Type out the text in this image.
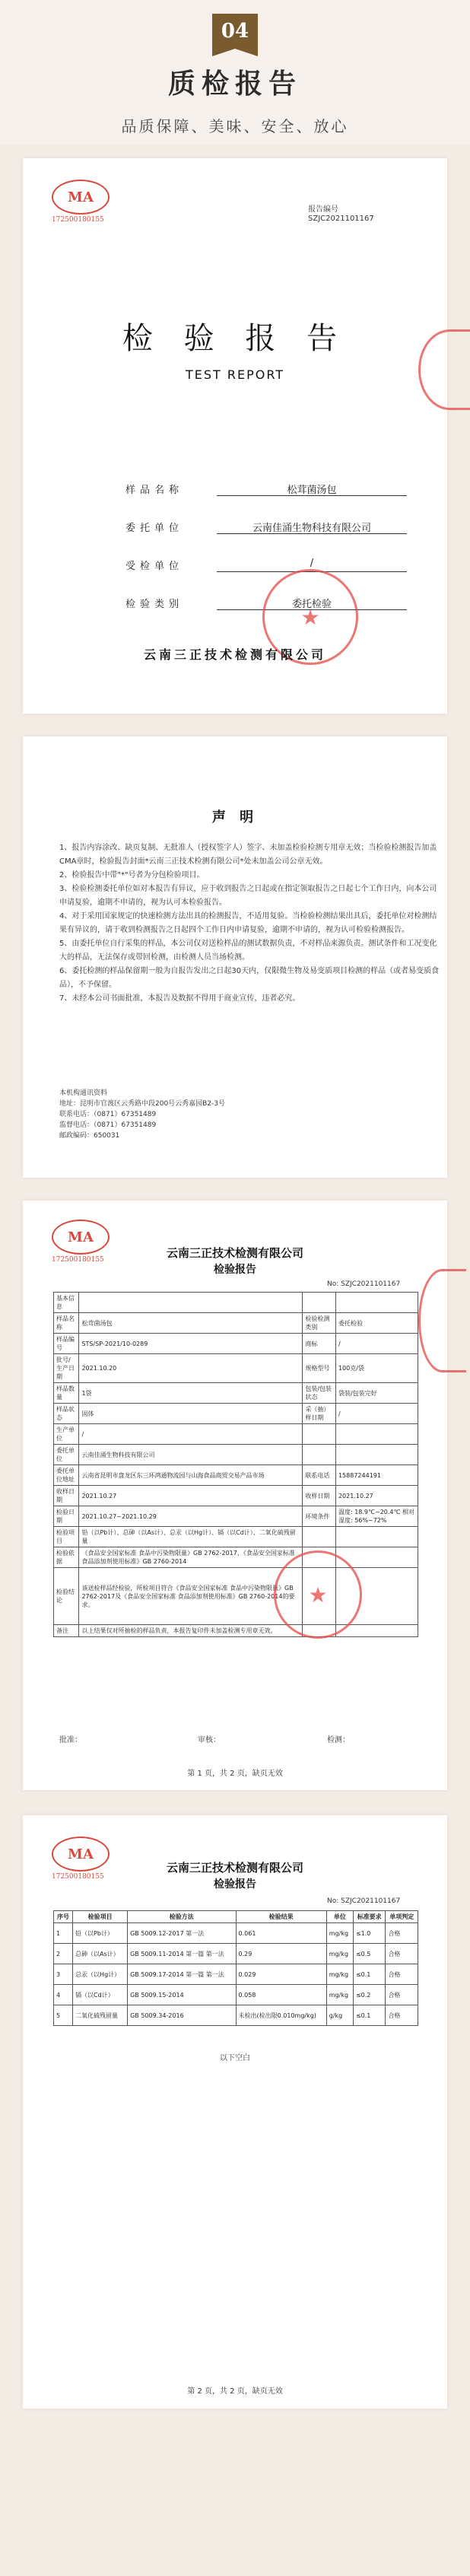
04
质检报告
品质保障、美味、安全、放心
MA
172500180155
报告编号
SZJC2021101167
检 验 报 告
TEST REPORT
样品名称	松茸菌汤包
委托单位	云南佳涌生物科技有限公司
受检单位	/
检验类别	委托检验
★
云南三正技术检测有限公司
声 明
1、报告内容涂改、缺页复制、无批准人（授权签字人）签字、未加盖检验检测专用章无效；当检验检测报告加盖CMA章时，检验报告封面*云南三正技术检测有限公司*处未加盖公司公章无效。
2、检验报告中带"*"号者为分包检验项目。
3、检验检测委托单位如对本报告有异议，应于收到报告之日起或在指定领取报告之日起七个工作日内，向本公司申请复验，逾期不申请的，视为认可本检验报告。
4、对于采用国家规定的快速检测方法出具的检测报告，不适用复验。当检验检测结果出具后，委托单位对检测结果有异议的，请于收到检测报告之日起四个工作日内申请复验，逾期不申请的，视为认可检验检测报告。
5、由委托单位自行采集的样品，本公司仅对送检样品的测试数据负责，不对样品来源负责。测试条件和工况变化大的样品，无法保存或带回检测，由检测人员当场检测。
6、委托检测的样品保留期一般为自报告发出之日起30天内，仅限微生物及易变质项目检测的样品（或者易变质食品），不予保留。
7、未经本公司书面批准，本报告及数据不得用于商业宣传，违者必究。
本机构通讯资料
地址：昆明市官渡区云秀路中段200号云秀嘉园B2-3号
联系电话：（0871）67351489
监督电话：（0871）67351489
邮政编码：650031
MA
172500180155	云南三正技术检测有限公司
检验报告
No: SZJC2021101167
基本信息			
样品名称	松茸菌汤包	检验检测类别	委托检验
样品编号	STS/SP-2021/10-0289	商标	/
批号/生产日期	2021.10.20	规格型号	100克/袋
样品数量	1袋	包装/包装状态	袋装/包装完好
样品状态	固体	采（抽）样日期	/
生产单位	/		
委托单位	云南佳涌生物科技有限公司		
委托单位地址	云南省昆明市盘龙区东三环鸿通物流园与山海食品商贸交易产品市场	联系电话	15887244191
收样日期	2021.10.27	收样日期	2021.10.27
检验日期	2021.10.27~2021.10.29	环境条件	温度: 18.9℃~20.4℃ 相对湿度: 56%~72%
检验项目	铅（以Pb计）、总砷（以As计）、总汞（以Hg计）、镉（以Cd计）、二氧化硫残留量		
检验依据	《食品安全国家标准 食品中污染物限量》GB 2762-2017、《食品安全国家标准 食品添加剂使用标准》GB 2760-2014		
检验结论	该送检样品经检验，所检项目符合《食品安全国家标准 食品中污染物限量》GB 2762-2017及《食品安全国家标准 食品添加剂使用标准》GB 2760-2014的要求。		
备注	以上结果仅对所抽检的样品负责，本报告复印件未加盖检测专用章无效。		
★
批准：	审核：	检测：
第 1 页，共 2 页，缺页无效
MA
172500180155
云南三正技术检测有限公司
检验报告
No: SZJC2021101167
序号	检验项目	检验方法	检验结果	单位	标准要求	单项判定
1	铅（以Pb计）	GB 5009.12-2017 第一法	0.061	mg/kg	≤1.0	合格
2	总砷（以As计）	GB 5009.11-2014 第一篇 第一法	0.29	mg/kg	≤0.5	合格
3	总汞（以Hg计）	GB 5009.17-2014 第一篇 第一法	0.029	mg/kg	≤0.1	合格
4	镉（以Cd计）	GB 5009.15-2014	0.058	mg/kg	≤0.2	合格
5	二氧化硫残留量	GB 5009.34-2016	未检出(检出限0.010mg/kg)	g/kg	≤0.1	合格
以下空白
第 2 页，共 2 页，缺页无效
